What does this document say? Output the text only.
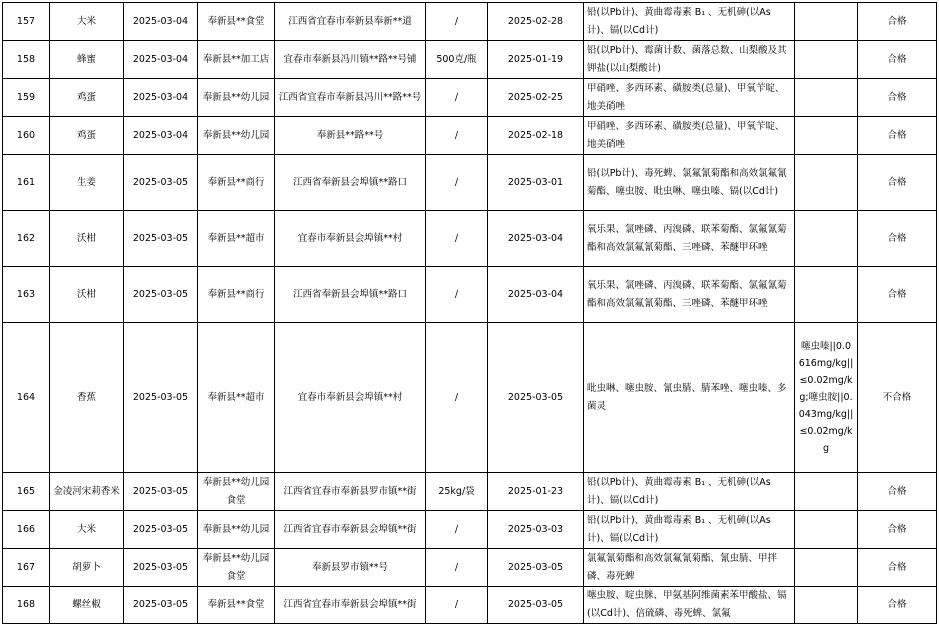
157	大米	2025-03-04	奉新县**食堂	江西省宜春市奉新县奉新**道	/	2025-02-28	铅(以Pb计)、黄曲霉毒素 B₁ 、无机砷(以As计)、镉(以Cd计)		合格
158	蜂蜜	2025-03-04	奉新县**加工店	宜春市奉新县冯川镇**路**号铺	500克/瓶	2025-01-19	铅(以Pb计)、霉菌计数、菌落总数、山梨酸及其钾盐(以山梨酸计)		合格
159	鸡蛋	2025-03-04	奉新县**幼儿园	江西省宜春市奉新县冯川**路**号	/	2025-02-25	甲硝唑、多西环素、磺胺类(总量)、甲氧苄啶、地美硝唑		合格
160	鸡蛋	2025-03-04	奉新县**幼儿园	奉新县**路**号	/	2025-02-18	甲硝唑、多西环素、磺胺类(总量)、甲氧苄啶、地美硝唑		合格
161	生姜	2025-03-05	奉新县**商行	江西省奉新县会埠镇**路口	/	2025-03-01	铅(以Pb计)、毒死蜱、氯氟氰菊酯和高效氯氟氰菊酯、噻虫胺、吡虫啉、噻虫嗪、镉(以Cd计)		合格
162	沃柑	2025-03-05	奉新县**超市	宜春市奉新县会埠镇**村	/	2025-03-04	氧乐果、氯唑磷、丙溴磷、联苯菊酯、氯氟氰菊酯和高效氯氟氰菊酯、三唑磷、苯醚甲环唑		合格
163	沃柑	2025-03-05	奉新县**商行	江西省奉新县会埠镇**路口	/	2025-03-04	氧乐果、氯唑磷、丙溴磷、联苯菊酯、氯氟氰菊酯和高效氯氟氰菊酯、三唑磷、苯醚甲环唑		合格
164	香蕉	2025-03-05	奉新县**超市	宜春市奉新县会埠镇**村	/	2025-03-05	吡虫啉、噻虫胺、氰虫腈、腈苯唑、噻虫嗪、多菌灵	噻虫嗪||0.0616mg/kg||≤0.02mg/kg;噻虫胺||0.043mg/kg||≤0.02mg/kg	不合格
165	金凌河宋莉香米	2025-03-05	奉新县**幼儿园食堂	江西省宜春市奉新县罗市镇**街	25kg/袋	2025-01-23	铅(以Pb计)、黄曲霉毒素 B₁ 、无机砷(以As计)、镉(以Cd计)		合格
166	大米	2025-03-05	奉新县**幼儿园	江西省宜春市奉新县会埠镇**街	/	2025-03-03	铅(以Pb计)、黄曲霉毒素 B₁ 、无机砷(以As计)、镉(以Cd计)		合格
167	胡萝卜	2025-03-05	奉新县**幼儿园食堂	奉新县罗市镇**号	/	2025-03-05	氯氟氰菊酯和高效氯氟氰菊酯、氰虫腈、甲拌磷、毒死蜱		合格
168	螺丝椒	2025-03-05	奉新县**食堂	江西省宜春市奉新县会埠镇**街	/	2025-03-05	噻虫胺、啶虫脒、甲氨基阿维菌素苯甲酸盐、镉(以Cd计)、倍硫磷、毒死蜱、氯氟		合格
